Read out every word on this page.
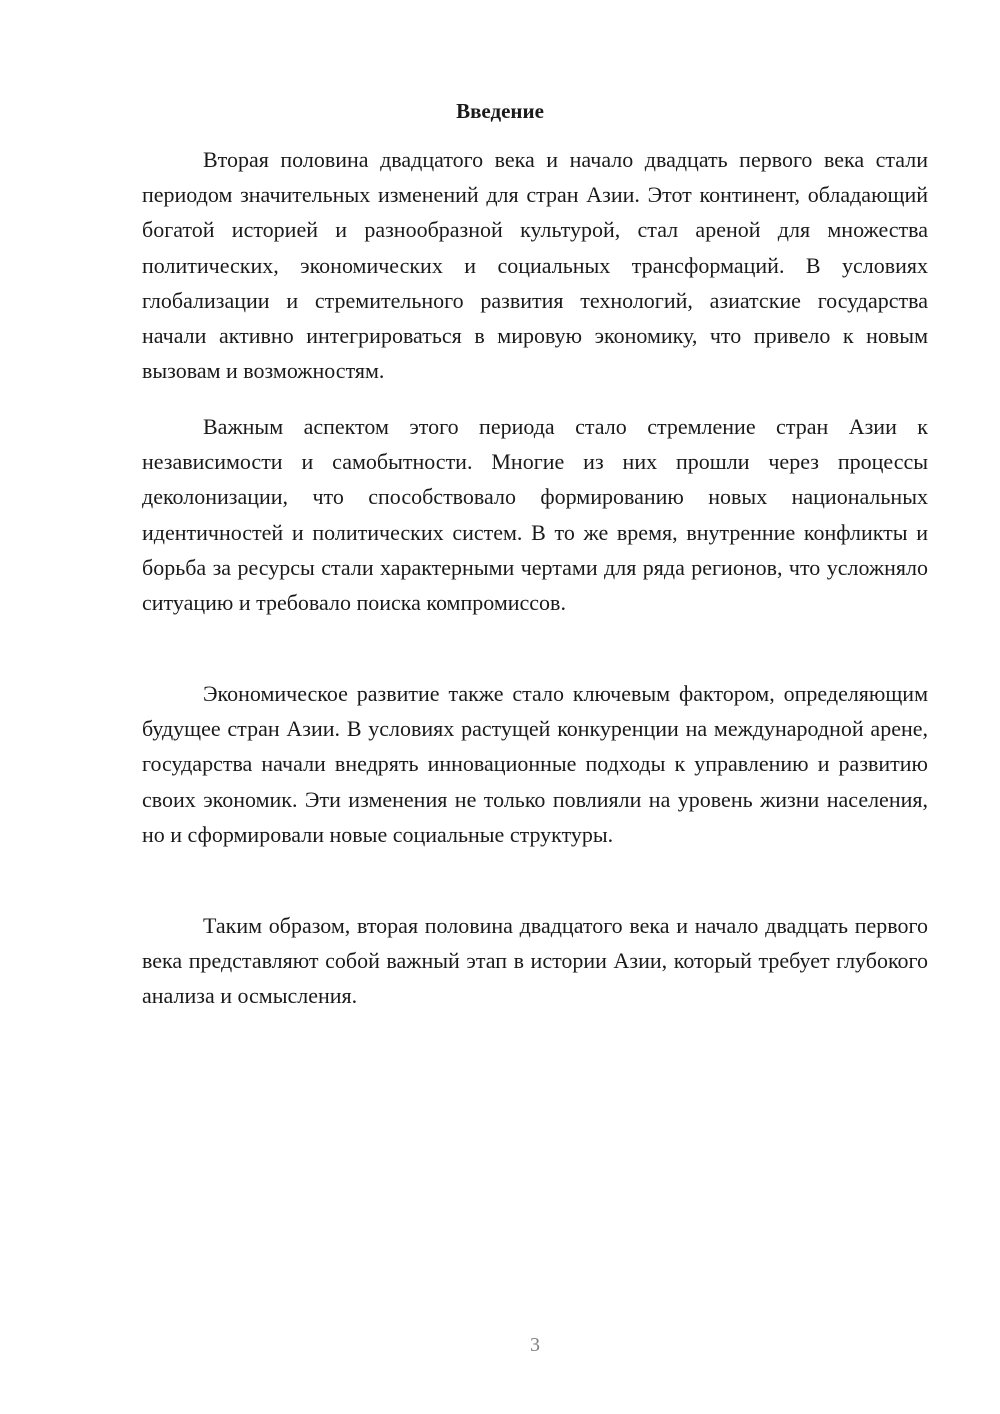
Введение

Вторая половина двадцатого века и начало двадцать первого века стали периодом значительных изменений для стран Азии. Этот континент, обладающий богатой историей и разнообразной культурой, стал ареной для множества политических, экономических и социальных трансформаций. В условиях глобализации и стремительного развития технологий, азиатские государства начали активно интегрироваться в мировую экономику, что привело к новым вызовам и возможностям.

Важным аспектом этого периода стало стремление стран Азии к независимости и самобытности. Многие из них прошли через процессы деколонизации, что способствовало формированию новых национальных идентичностей и политических систем. В то же время, внутренние конфликты и борьба за ресурсы стали характерными чертами для ряда регионов, что усложняло ситуацию и требовало поиска компромиссов.

Экономическое развитие также стало ключевым фактором, определяющим будущее стран Азии. В условиях растущей конкуренции на международной арене, государства начали внедрять инновационные подходы к управлению и развитию своих экономик. Эти изменения не только повлияли на уровень жизни населения, но и сформировали новые социальные структуры.

Таким образом, вторая половина двадцатого века и начало двадцать первого века представляют собой важный этап в истории Азии, который требует глубокого анализа и осмысления.

3
